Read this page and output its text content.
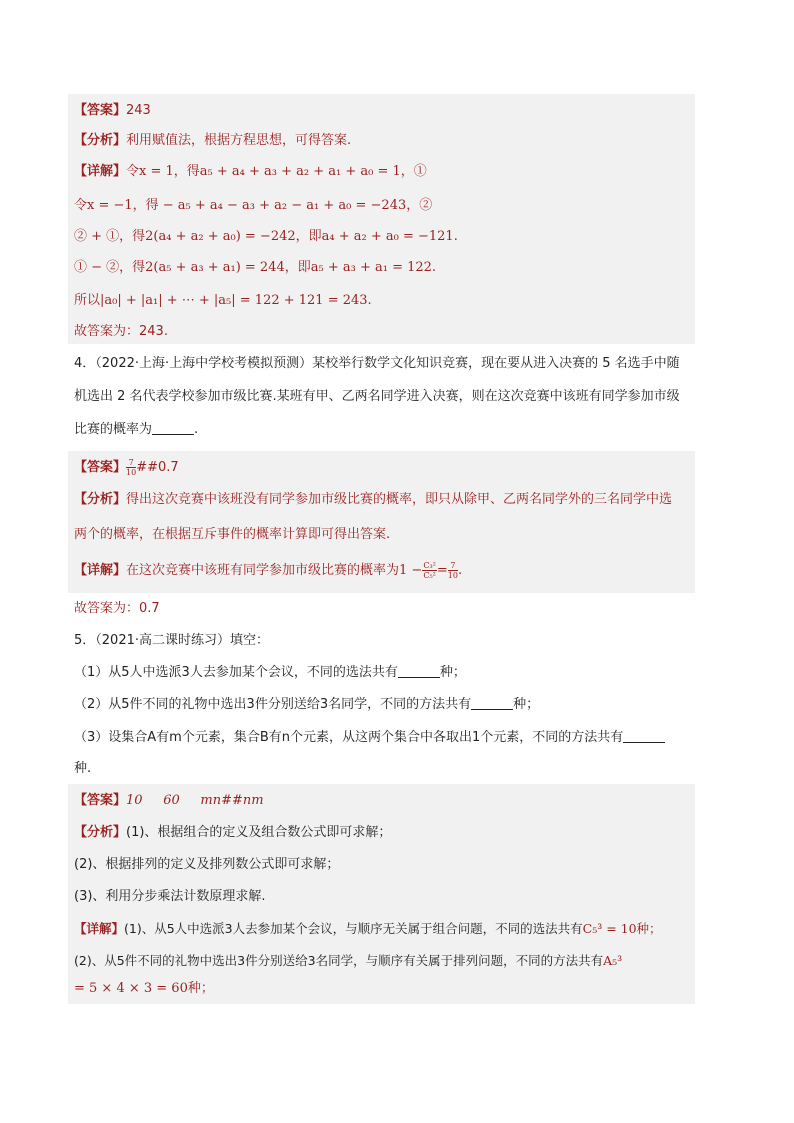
【答案】243
【分析】利用赋值法，根据方程思想，可得答案.
【详解】令x = 1，得a₅ + a₄ + a₃ + a₂ + a₁ + a₀ = 1，①
令x = −1，得 − a₅ + a₄ − a₃ + a₂ − a₁ + a₀ = −243，②
② + ①，得2(a₄ + a₂ + a₀) = −242，即a₄ + a₂ + a₀ = −121.
① − ②，得2(a₅ + a₃ + a₁) = 244，即a₅ + a₃ + a₁ = 122.
所以|a₀| + |a₁| + ⋯ + |a₅| = 122 + 121 = 243.
故答案为：243.
4．（2022·上海·上海中学校考模拟预测）某校举行数学文化知识竞赛，现在要从进入决赛的 5 名选手中随
机选出 2 名代表学校参加市级比赛.某班有甲、乙两名同学进入决赛，则在这次竞赛中该班有同学参加市级
比赛的概率为	.
【答案】 $\frac{7}{10}$ ##0.7
【分析】得出这次竞赛中该班没有同学参加市级比赛的概率，即只从除甲、乙两名同学外的三名同学中选
两个的概率，在根据互斥事件的概率计算即可得出答案.
【详解】在这次竞赛中该班有同学参加市级比赛的概率为$1 - \frac{\text{C₃²}}{\text{C₅²}} = \frac{7}{10}$ .
故答案为：0.7
5．（2021·高二课时练习）填空：
（1）从5人中选派3人去参加某个会议，不同的选法共有	种；
（2）从5件不同的礼物中选出3件分别送给3名同学，不同的方法共有	种；
（3）设集合A有m个元素，集合B有n个元素，从这两个集合中各取出1个元素，不同的方法共有
种.
【答案】10     60     mn##nm
【分析】(1)、根据组合的定义及组合数公式即可求解；
(2)、根据排列的定义及排列数公式即可求解；
(3)、利用分步乘法计数原理求解.
【详解】(1)、从5人中选派3人去参加某个会议，与顺序无关属于组合问题，不同的选法共有C₅³ = 10种；
(2)、从5件不同的礼物中选出3件分别送给3名同学，与顺序有关属于排列问题，不同的方法共有A₅³
= 5 × 4 × 3 = 60种；
